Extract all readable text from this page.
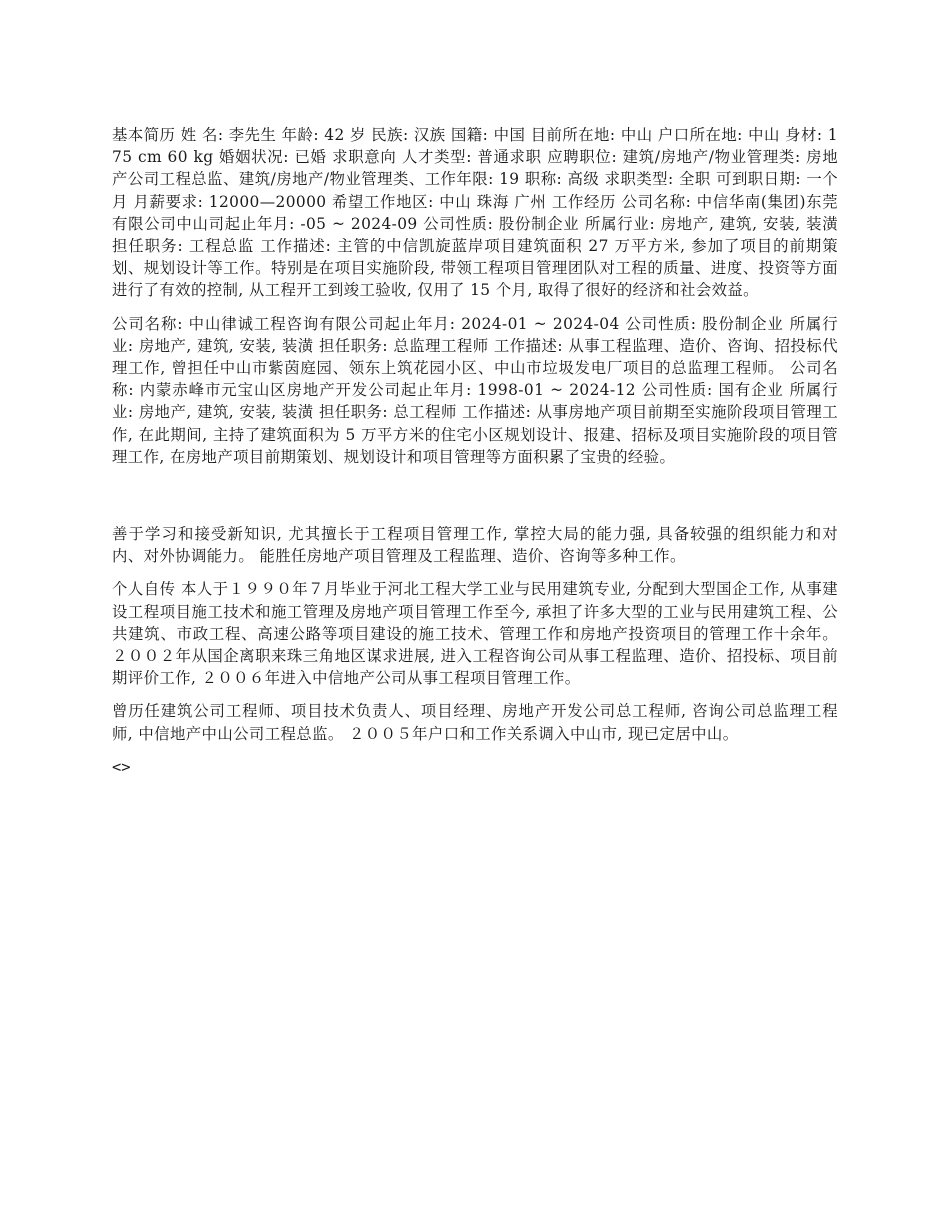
基本简历 姓 名: 李先生 年龄: 42 岁 民族: 汉族 国籍: 中国 目前所在地: 中山 户口所在地: 中山 身材: 175 cm 60 kg 婚姻状况: 已婚 求职意向 人才类型: 普通求职 应聘职位: 建筑/房地产/物业管理类: 房地产公司工程总监、建筑/房地产/物业管理类、工作年限: 19 职称: 高级 求职类型: 全职 可到职日期: 一个月 月薪要求: 12000—20000 希望工作地区: 中山 珠海 广州 工作经历 公司名称: 中信华南(集团)东莞有限公司中山司起止年月: -05 ~ 2024-09 公司性质: 股份制企业 所属行业: 房地产, 建筑, 安装, 装潢 担任职务: 工程总监 工作描述: 主管的中信凯旋蓝岸项目建筑面积 27 万平方米, 参加了项目的前期策划、规划设计等工作。特别是在项目实施阶段, 带领工程项目管理团队对工程的质量、进度、投资等方面进行了有效的控制, 从工程开工到竣工验收, 仅用了 15 个月, 取得了很好的经济和社会效益。

公司名称: 中山律诚工程咨询有限公司起止年月: 2024-01 ~ 2024-04 公司性质: 股份制企业 所属行业: 房地产, 建筑, 安装, 装潢 担任职务: 总监理工程师 工作描述: 从事工程监理、造价、咨询、招投标代理工作, 曾担任中山市紫茵庭园、领东上筑花园小区、中山市垃圾发电厂项目的总监理工程师。 公司名称: 内蒙赤峰市元宝山区房地产开发公司起止年月: 1998-01 ~ 2024-12 公司性质: 国有企业 所属行业: 房地产, 建筑, 安装, 装潢 担任职务: 总工程师 工作描述: 从事房地产项目前期至实施阶段项目管理工作, 在此期间, 主持了建筑面积为 5 万平方米的住宅小区规划设计、报建、招标及项目实施阶段的项目管理工作, 在房地产项目前期策划、规划设计和项目管理等方面积累了宝贵的经验。

善于学习和接受新知识, 尤其擅长于工程项目管理工作, 掌控大局的能力强, 具备较强的组织能力和对内、对外协调能力。 能胜任房地产项目管理及工程监理、造价、咨询等多种工作。

个人自传 本人于１９９０年７月毕业于河北工程大学工业与民用建筑专业, 分配到大型国企工作, 从事建设工程项目施工技术和施工管理及房地产项目管理工作至今, 承担了许多大型的工业与民用建筑工程、公共建筑、市政工程、高速公路等项目建设的施工技术、管理工作和房地产投资项目的管理工作十余年。２００２年从国企离职来珠三角地区谋求进展, 进入工程咨询公司从事工程监理、造价、招投标、项目前期评价工作, ２００６年进入中信地产公司从事工程项目管理工作。

曾历任建筑公司工程师、项目技术负责人、项目经理、房地产开发公司总工程师, 咨询公司总监理工程师, 中信地产中山公司工程总监。 ２００５年户口和工作关系调入中山市, 现已定居中山。

<>
